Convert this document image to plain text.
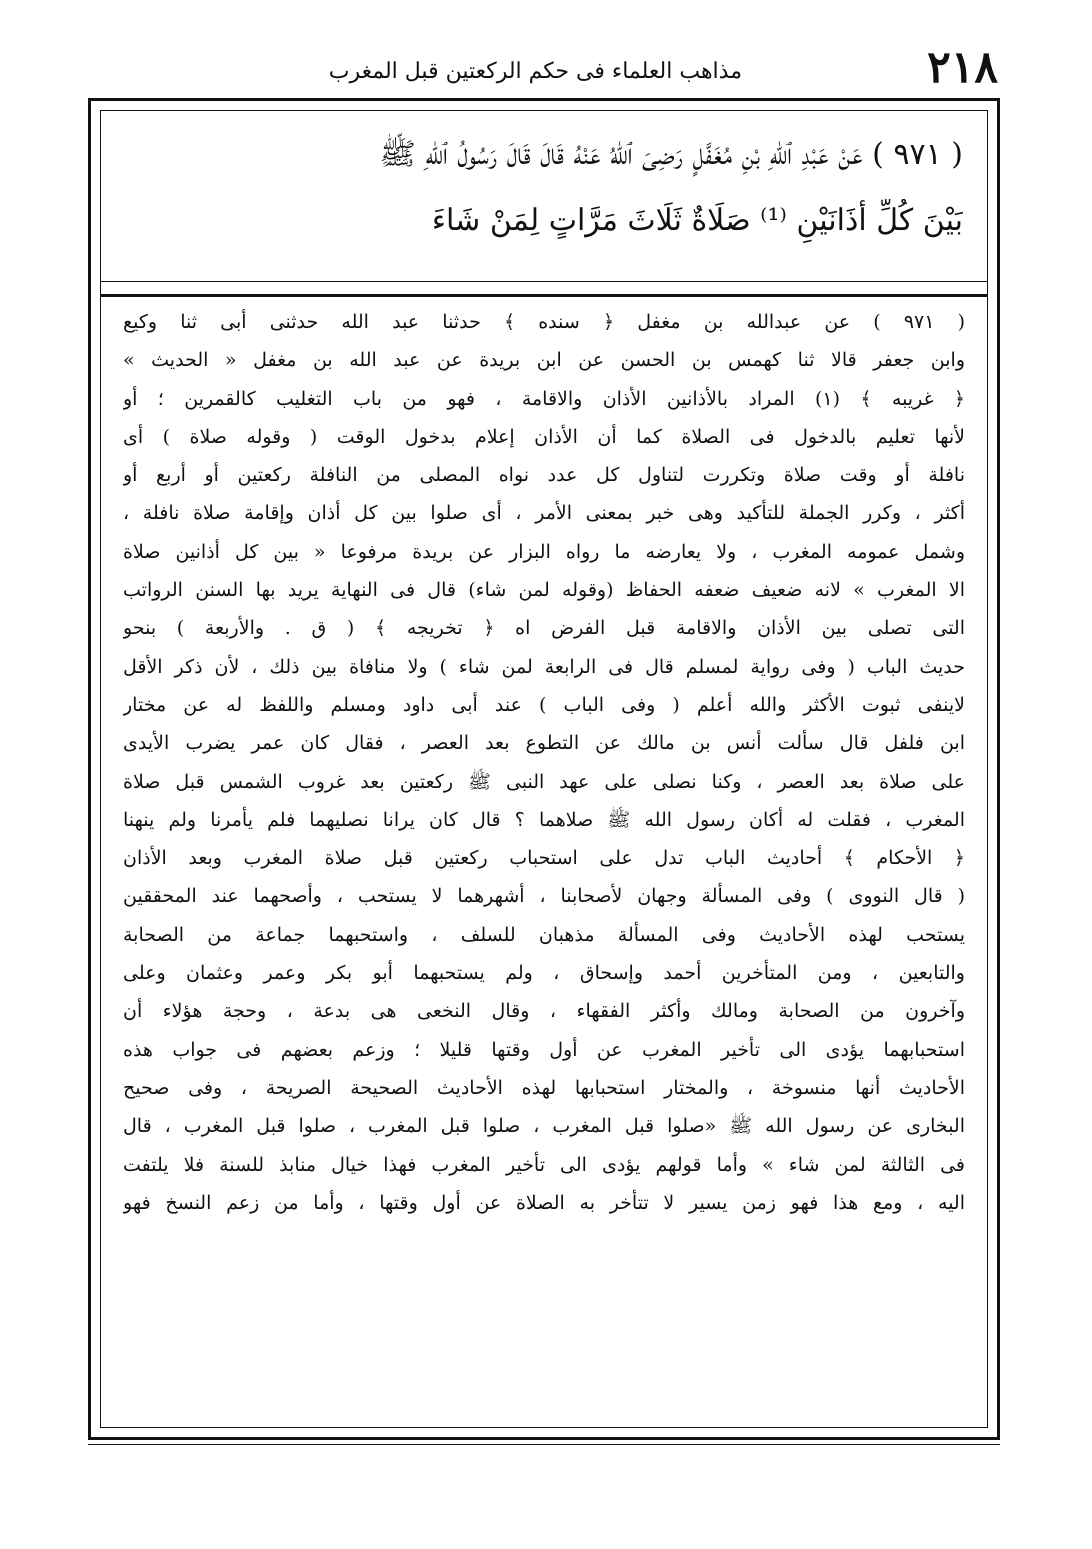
٢١٨
مذاهب العلماء فى حكم الركعتين قبل المغرب
( ٩٧١ ) عَنْ عَبْدِ ٱللّٰهِ بْنِ مُغَفَّلٍ رَضِىَ ٱللّٰهُ عَنْهُ قَالَ قَالَ رَسُولُ ٱللّٰهِ ﷺ
بَيْنَ كُلِّ أَذَانَيْنِ ⁽¹⁾ صَلَاةٌ ثَلَاثَ مَرَّاتٍ لِمَنْ شَاءَ
( ٩٧١ ) عن عبدالله بن مغفل ﴿ سنده ﴾ حدثنا عبد الله حدثنى أبى ثنا وكيع
وابن جعفر قالا ثنا كهمس بن الحسن عن ابن بريدة عن عبد الله بن مغفل « الحديث »
﴿ غريبه ﴾ (١) المراد بالأذانين الأذان والاقامة ، فهو من باب التغليب كالقمرين ؛ أو
لأنها تعليم بالدخول فى الصلاة كما أن الأذان إعلام بدخول الوقت ( وقوله صلاة ) أى
نافلة أو وقت صلاة وتكررت لتناول كل عدد نواه المصلى من النافلة ركعتين أو أربع أو
أكثر ، وكرر الجملة للتأكيد وهى خبر بمعنى الأمر ، أى صلوا بين كل أذان وإقامة صلاة نافلة ،
وشمل عمومه المغرب ، ولا يعارضه ما رواه البزار عن بريدة مرفوعا « بين كل أذانين صلاة
الا المغرب » لانه ضعيف ضعفه الحفاظ (وقوله لمن شاء) قال فى النهاية يريد بها السنن الرواتب
التى تصلى بين الأذان والاقامة قبل الفرض اه ﴿ تخريجه ﴾ ( ق . والأربعة ) بنحو
حديث الباب ( وفى رواية لمسلم قال فى الرابعة لمن شاء ) ولا منافاة بين ذلك ، لأن ذكر الأقل
لاينفى ثبوت الأكثر والله أعلم ( وفى الباب ) عند أبى داود ومسلم واللفظ له عن مختار
ابن فلفل قال سألت أنس بن مالك عن التطوع بعد العصر ، فقال كان عمر يضرب الأيدى
على صلاة بعد العصر ، وكنا نصلى على عهد النبى ﷺ ركعتين بعد غروب الشمس قبل صلاة
المغرب ، فقلت له أكان رسول الله ﷺ صلاهما ؟ قال كان يرانا نصليهما فلم يأمرنا ولم ينهنا
﴿ الأحكام ﴾ أحاديث الباب تدل على استحباب ركعتين قبل صلاة المغرب وبعد الأذان
( قال النووى ) وفى المسألة وجهان لأصحابنا ، أشهرهما لا يستحب ، وأصحهما عند المحققين
يستحب لهذه الأحاديث وفى المسألة مذهبان للسلف ، واستحبهما جماعة من الصحابة
والتابعين ، ومن المتأخرين أحمد وإسحاق ، ولم يستحبهما أبو بكر وعمر وعثمان وعلى
وآخرون من الصحابة ومالك وأكثر الفقهاء ، وقال النخعى هى بدعة ، وحجة هؤلاء أن
استحبابهما يؤدى الى تأخير المغرب عن أول وقتها قليلا ؛ وزعم بعضهم فى جواب هذه
الأحاديث أنها منسوخة ، والمختار استحبابها لهذه الأحاديث الصحيحة الصريحة ، وفى صحيح
البخارى عن رسول الله ﷺ «صلوا قبل المغرب ، صلوا قبل المغرب ، صلوا قبل المغرب ، قال
فى الثالثة لمن شاء » وأما قولهم يؤدى الى تأخير المغرب فهذا خيال منابذ للسنة فلا يلتفت
اليه ، ومع هذا فهو زمن يسير لا تتأخر به الصلاة عن أول وقتها ، وأما من زعم النسخ فهو
